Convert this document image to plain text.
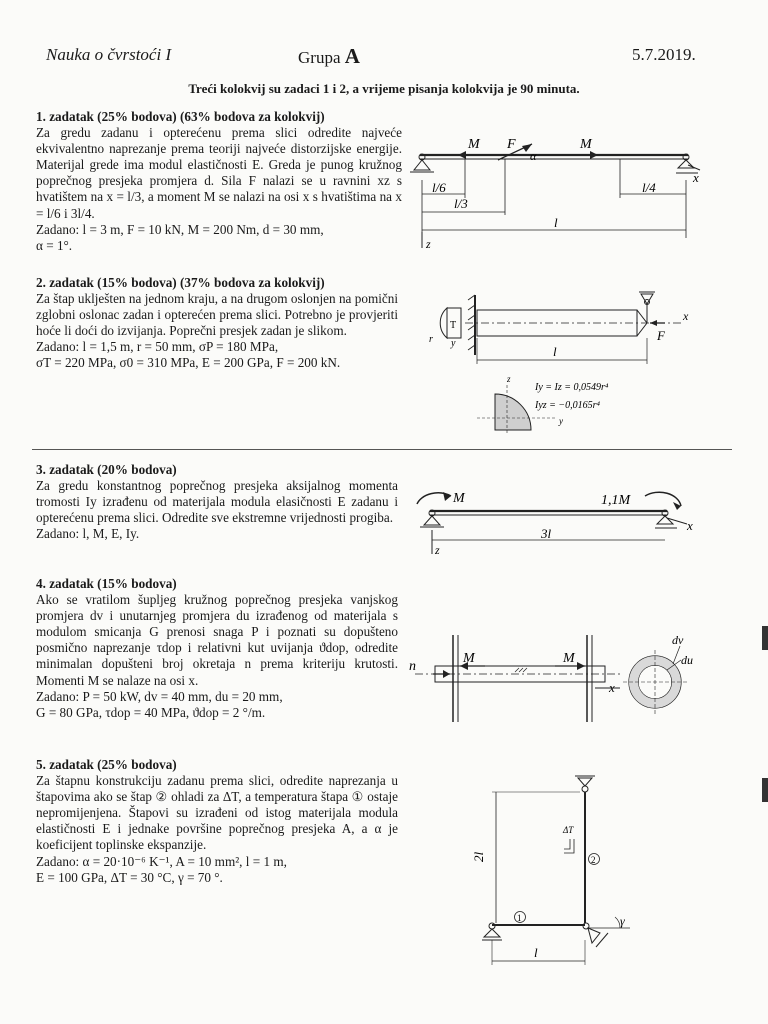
Nauka o čvrstoći I	Grupa A	5.7.2019.
Treći kolokvij su zadaci 1 i 2, a vrijeme pisanja kolokvija je 90 minuta.
1. zadatak (25% bodova) (63% bodova za kolokvij)

Za gredu zadanu i opterećenu prema slici odredite najveće ekvivalentno naprezanje prema teoriji najveće distorzijske energije. Materijal grede ima modul elastičnosti E. Greda je punog kružnog poprečnog presjeka promjera d. Sila F nalazi se u ravnini xz s hvatištem na x = l/3, a moment M se nalazi na osi x s hvatištima na x = l/6 i 3l/4.

Zadano: l = 3 m, F = 10 kN, M = 200 Nm, d = 30 mm,
α = 1°.
2. zadatak (15% bodova) (37% bodova za kolokvij)

Za štap uklješten na jednom kraju, a na drugom oslonjen na pomični zglobni oslonac zadan i opterećen prema slici. Potrebno je provjeriti hoće li doći do izvijanja. Poprečni presjek zadan je slikom.

Zadano: l = 1,5 m, r = 50 mm, σP = 180 MPa,
σT = 220 MPa, σ0 = 310 MPa, E = 200 GPa, F = 200 kN.
3. zadatak (20% bodova)

Za gredu konstantnog poprečnog presjeka aksijalnog momenta tromosti Iy izrađenu od materijala modula elasičnosti E zadanu i opterećenu prema slici. Odredite sve ekstremne vrijednosti progiba.

Zadano: l, M, E, Iy.
4. zadatak (15% bodova)

Ako se vratilom šupljeg kružnog poprečnog presjeka vanjskog promjera dv i unutarnjeg promjera du izrađenog od materijala s modulom smicanja G prenosi snaga P i poznati su dopušteno posmično naprezanje τdop i relativni kut uvijanja ϑdop, odredite minimalan dopušteni broj okretaja n prema kriteriju krutosti. Momenti M se nalaze na osi x.

Zadano: P = 50 kW, dv = 40 mm, du = 20 mm,
G = 80 GPa, τdop = 40 MPa, ϑdop = 2 °/m.
5. zadatak (25% bodova)

Za štapnu konstrukciju zadanu prema slici, odredite naprezanja u štapovima ako se štap ② ohladi za ΔT, a temperatura štapa ① ostaje nepromijenjena. Štapovi su izrađeni od istog materijala modula elastičnosti E i jednake površine poprečnog presjeka A, a α je koeficijent toplinske ekspanzije.

Zadano: α = 20·10⁻⁶ K⁻¹, A = 10 mm², l = 1 m,
E = 100 GPa, ΔT = 30 °C, γ = 70 °.
x
M	M
F
α
l/6	l/4
l/3
l
z
T
r y
x
F
l
z
y
Iy = Iz = 0,0549r⁴
Iyz = −0,0165r⁴
M	1,1M
x
z
3l
n
M	M
x
dv
du
γ
1
2
ΔT
2l
l
